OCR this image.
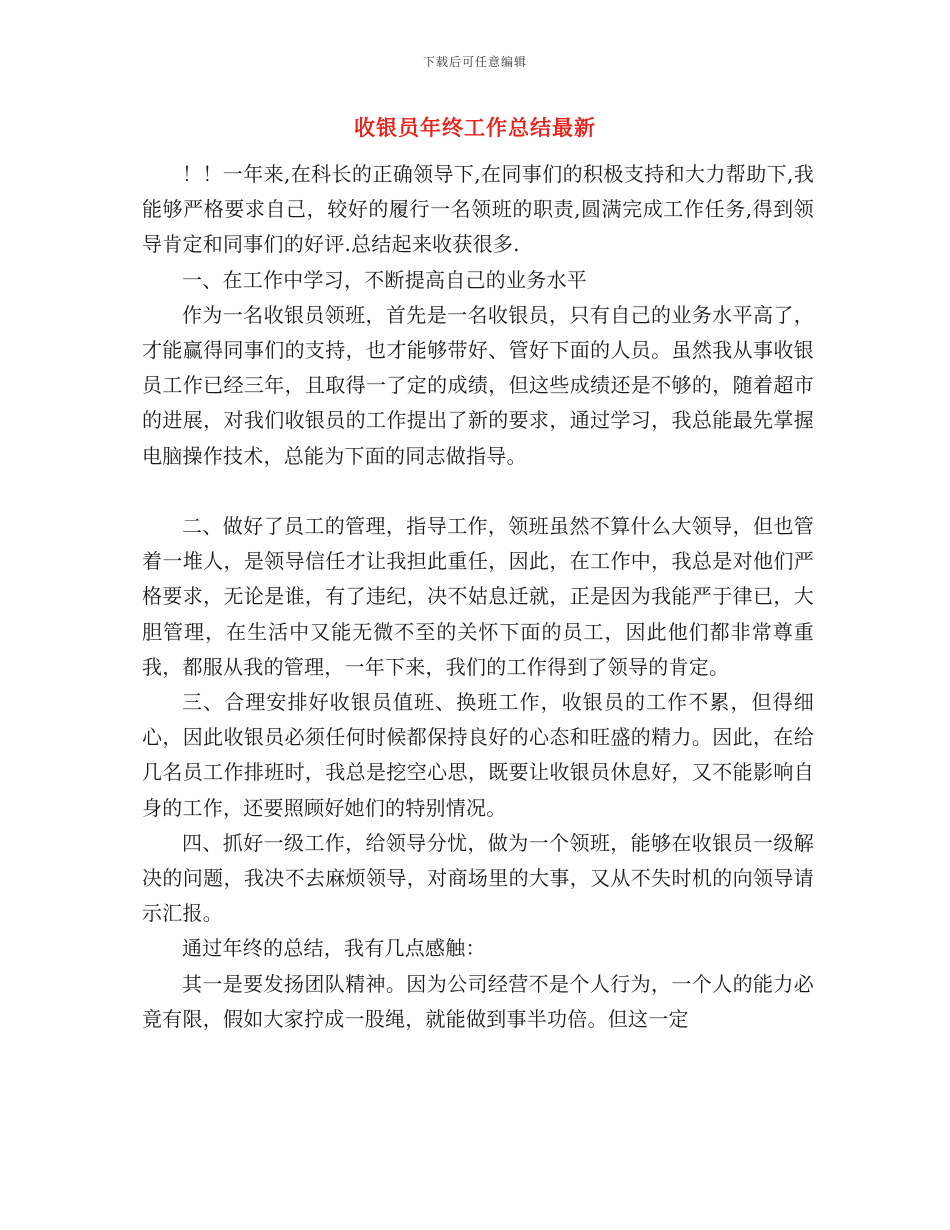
下载后可任意编辑
收银员年终工作总结最新

！！一年来,在科长的正确领导下,在同事们的积极支持和大力帮助下,我能够严格要求自己，较好的履行一名领班的职责,圆满完成工作任务,得到领导肯定和同事们的好评.总结起来收获很多.

一、在工作中学习，不断提高自己的业务水平

作为一名收银员领班，首先是一名收银员，只有自己的业务水平高了，才能赢得同事们的支持，也才能够带好、管好下面的人员。虽然我从事收银员工作已经三年，且取得一了定的成绩，但这些成绩还是不够的，随着超市的进展，对我们收银员的工作提出了新的要求，通过学习，我总能最先掌握电脑操作技术，总能为下面的同志做指导。

二、做好了员工的管理，指导工作，领班虽然不算什么大领导，但也管着一堆人，是领导信任才让我担此重任，因此，在工作中，我总是对他们严格要求，无论是谁，有了违纪，决不姑息迁就，正是因为我能严于律已，大胆管理，在生活中又能无微不至的关怀下面的员工，因此他们都非常尊重我，都服从我的管理，一年下来，我们的工作得到了领导的肯定。

三、合理安排好收银员值班、换班工作，收银员的工作不累，但得细心，因此收银员必须任何时候都保持良好的心态和旺盛的精力。因此，在给几名员工作排班时，我总是挖空心思，既要让收银员休息好，又不能影响自身的工作，还要照顾好她们的特别情况。

四、抓好一级工作，给领导分忧，做为一个领班，能够在收银员一级解决的问题，我决不去麻烦领导，对商场里的大事，又从不失时机的向领导请示汇报。

通过年终的总结，我有几点感触：

其一是要发扬团队精神。因为公司经营不是个人行为，一个人的能力必竟有限，假如大家拧成一股绳，就能做到事半功倍。但这一定
